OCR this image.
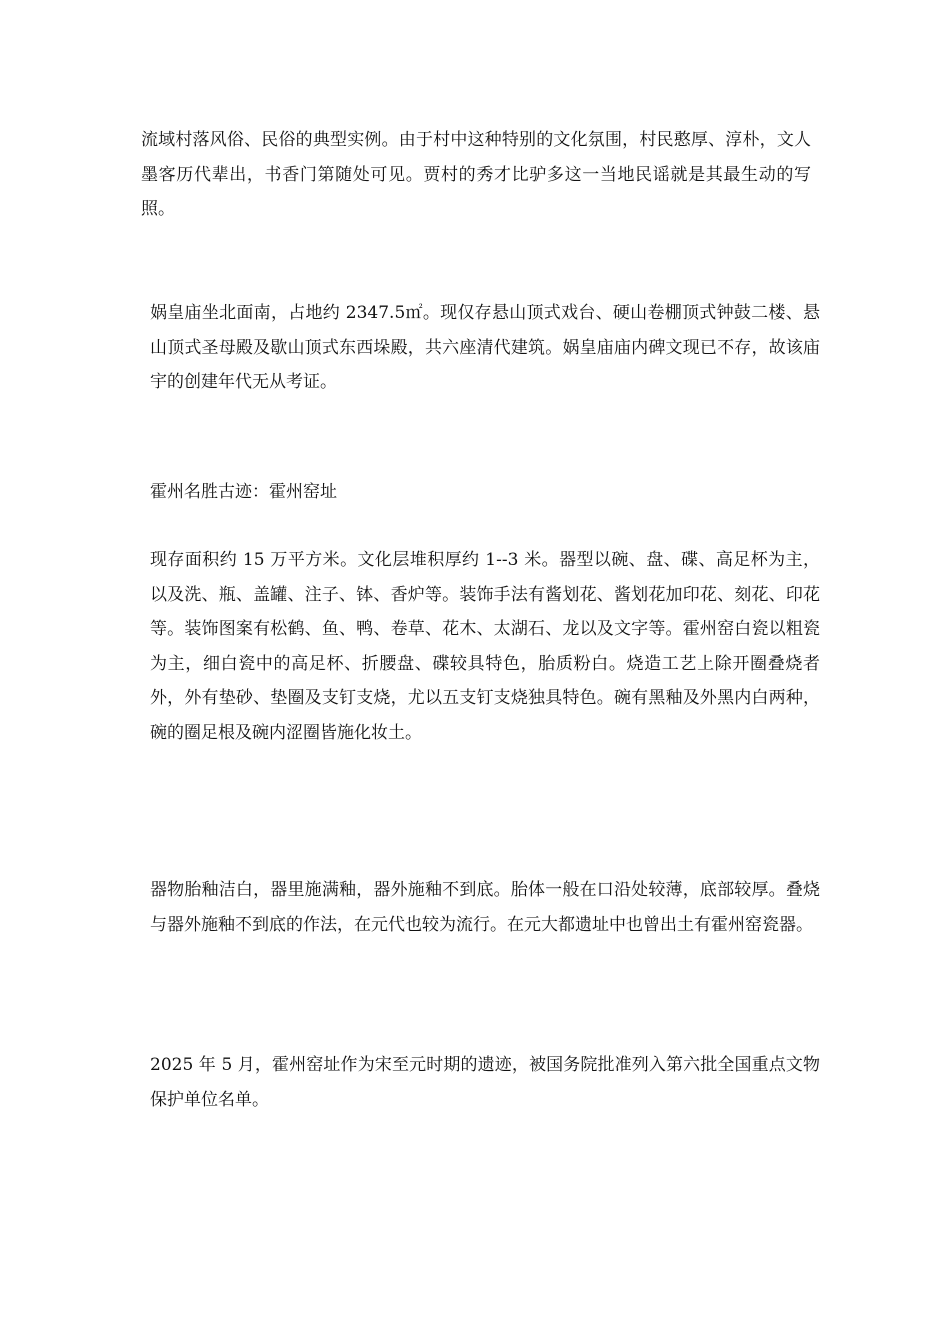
流域村落风俗、民俗的典型实例。由于村中这种特别的文化氛围，村民憨厚、淳朴，文人墨客历代辈出，书香门第随处可见。贾村的秀才比驴多这一当地民谣就是其最生动的写照。

娲皇庙坐北面南，占地约 2347.5㎡。现仅存悬山顶式戏台、硬山卷棚顶式钟鼓二楼、悬山顶式圣母殿及歇山顶式东西垛殿，共六座清代建筑。娲皇庙庙内碑文现已不存，故该庙宇的创建年代无从考证。

霍州名胜古迹：霍州窑址

现存面积约 15 万平方米。文化层堆积厚约 1--3 米。器型以碗、盘、碟、高足杯为主，以及洗、瓶、盖罐、注子、钵、香炉等。装饰手法有酱划花、酱划花加印花、刻花、印花等。装饰图案有松鹤、鱼、鸭、卷草、花木、太湖石、龙以及文字等。霍州窑白瓷以粗瓷为主，细白瓷中的高足杯、折腰盘、碟较具特色，胎质粉白。烧造工艺上除开圈叠烧者外，外有垫砂、垫圈及支钉支烧，尤以五支钉支烧独具特色。碗有黑釉及外黑内白两种，碗的圈足根及碗内涩圈皆施化妆土。

器物胎釉洁白，器里施满釉，器外施釉不到底。胎体一般在口沿处较薄，底部较厚。叠烧与器外施釉不到底的作法，在元代也较为流行。在元大都遗址中也曾出土有霍州窑瓷器。

2025 年 5 月，霍州窑址作为宋至元时期的遗迹，被国务院批准列入第六批全国重点文物保护单位名单。
